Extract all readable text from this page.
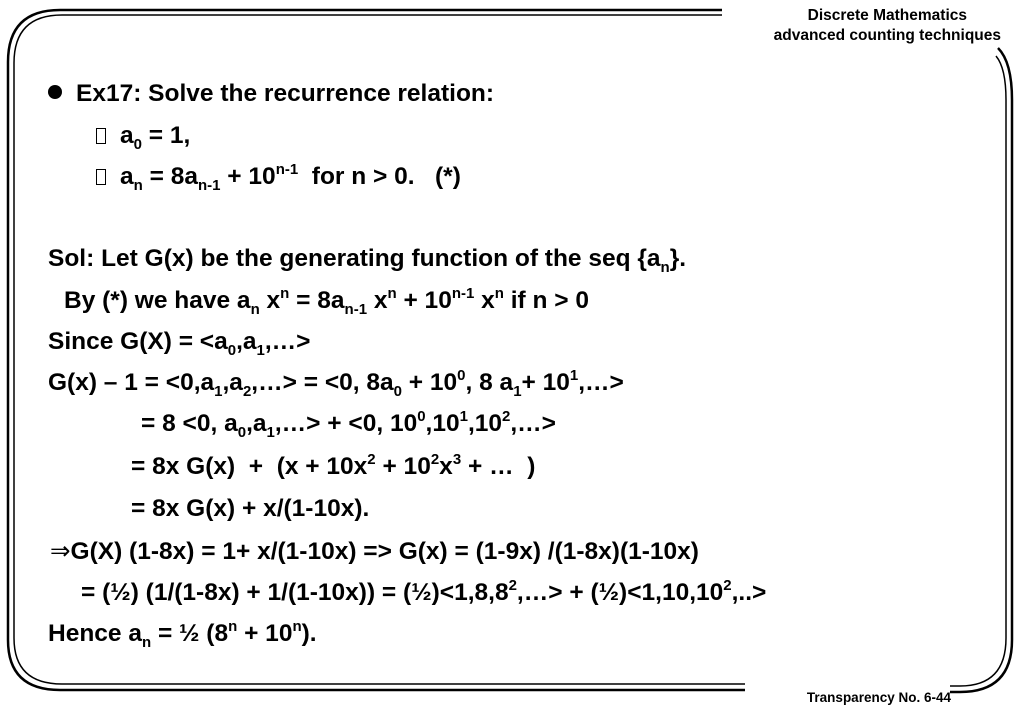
Discrete Mathematics
advanced counting techniques
Ex17: Solve the recurrence relation:
$a_0 = 1$,
$a_n = 8a_{n-1} + 10^{n-1}$  for n > 0.   (*)
Sol: Let G(x) be the generating function of the seq $\{a_n\}$.
By (*) we have $a_n$ $x^n = 8a_{n-1}$ $x^n + 10^{n-1}$ $x^n$ if n > 0
Since $G(X) = <a_0,a_1,\dots>$
$G(x) - 1 = <0,a_1,a_2,\dots> = <0$, $8a_0 + 10^0$, 8 $a_1+$ $10^1,\dots>$
= 8 <0, $a_0,a_1,\dots> + <0$, $10^0,10^1,10^2,\dots>$
= 8x $G(x) + (x + 10x^2 + 10^2x^3$ + …  )
= 8x G(x) + x/(1-10x).
⇒G(X) (1-8x) = 1+ x/(1-10x) => G(x) = (1-9x) /(1-8x)(1-10x)
= (½) $(1/(1-8x) + 1/(1-10x)) = (\frac{1}{2})<1,8,8^2,\dots>$ + $(\frac{1}{2})<1,10,10^2,..>$
Hence $a_n$ = ½ $(8^n + 10^n)$.
Transparency No. 6-44
